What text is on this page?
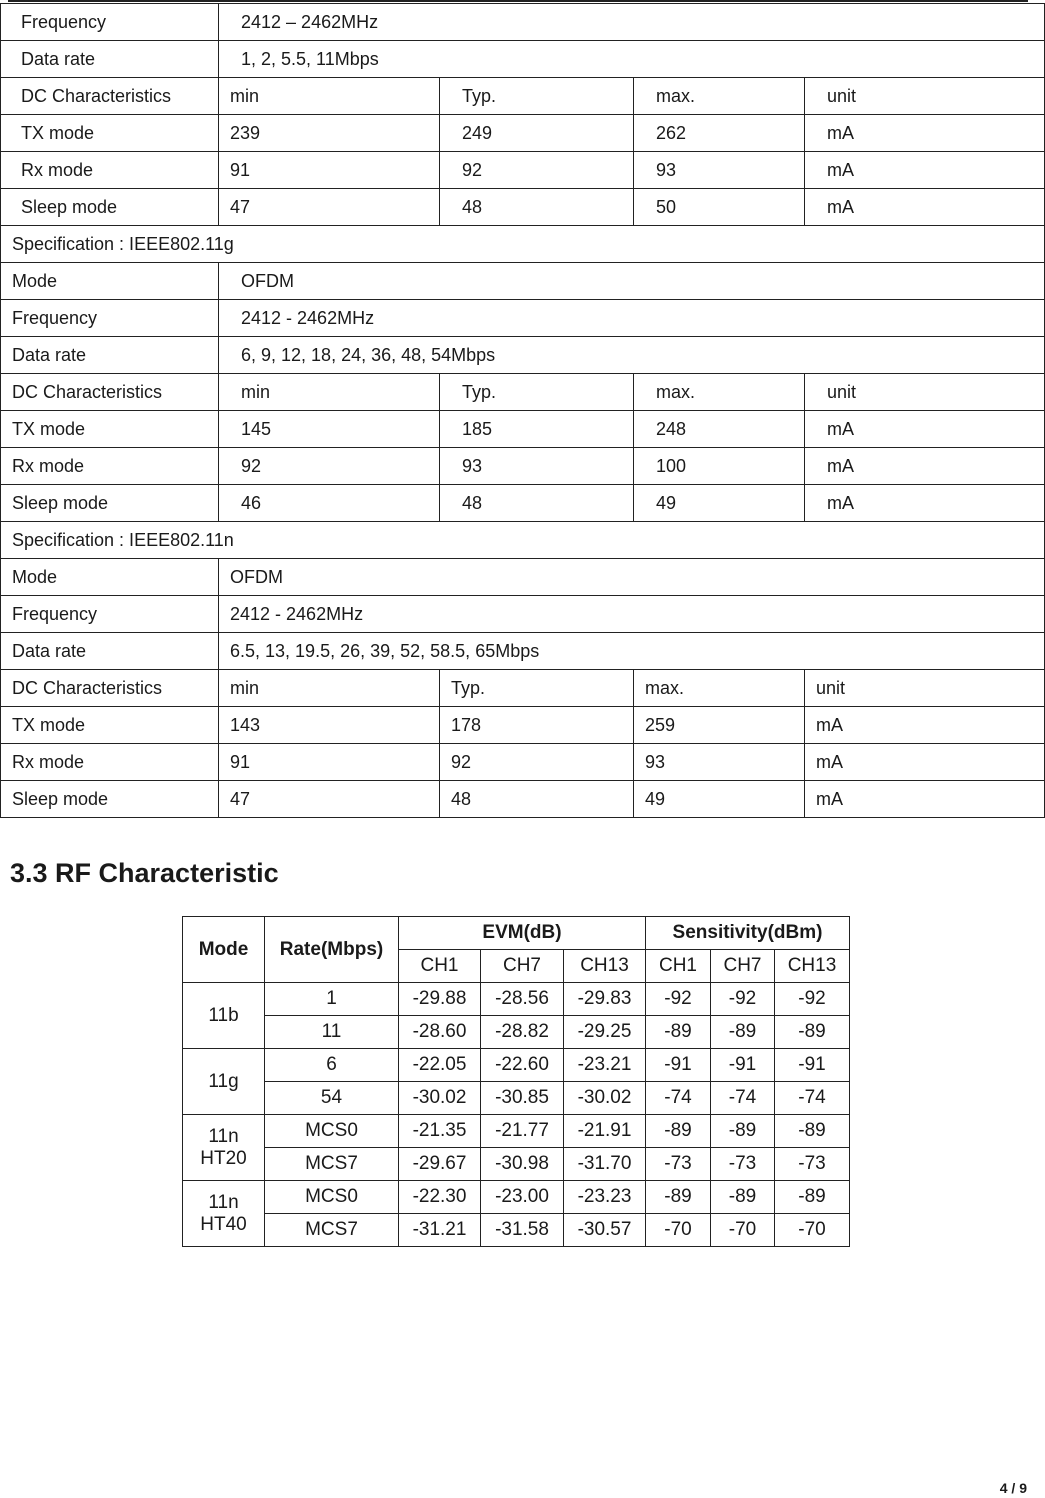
Frequency	2412 – 2462MHz			
Data rate	1, 2, 5.5, 11Mbps			
DC Characteristics	min	Typ.	max.	unit
TX mode	239	249	262	mA
Rx mode	91	92	93	mA
Sleep mode	47	48	50	mA
Specification : IEEE802.11g				
Mode	OFDM			
Frequency	2412 - 2462MHz			
Data rate	6, 9, 12, 18, 24, 36, 48, 54Mbps			
DC Characteristics	min	Typ.	max.	unit
TX mode	145	185	248	mA
Rx mode	92	93	100	mA
Sleep mode	46	48	49	mA
Specification : IEEE802.11n				
Mode	OFDM			
Frequency	2412 - 2462MHz			
Data rate	6.5, 13, 19.5, 26, 39, 52, 58.5, 65Mbps			
DC Characteristics	min	Typ.	max.	unit
TX mode	143	178	259	mA
Rx mode	91	92	93	mA
Sleep mode	47	48	49	mA
3.3 RF Characteristic
Mode	Rate(Mbps)	EVM(dB)			Sensitivity(dBm)		
		CH1	CH7	CH13	CH1	CH7	CH13
11b	1	-29.88	-28.56	-29.83	-92	-92	-92
	11	-28.60	-28.82	-29.25	-89	-89	-89
11g	6	-22.05	-22.60	-23.21	-91	-91	-91
	54	-30.02	-30.85	-30.02	-74	-74	-74

11n
HT20	MCS0	-21.35	-21.77	-21.91	-89	-89	-89
	MCS7	-29.67	-30.98	-31.70	-73	-73	-73

11n
HT40	MCS0	-22.30	-23.00	-23.23	-89	-89	-89
	MCS7	-31.21	-31.58	-30.57	-70	-70	-70
4 / 9
